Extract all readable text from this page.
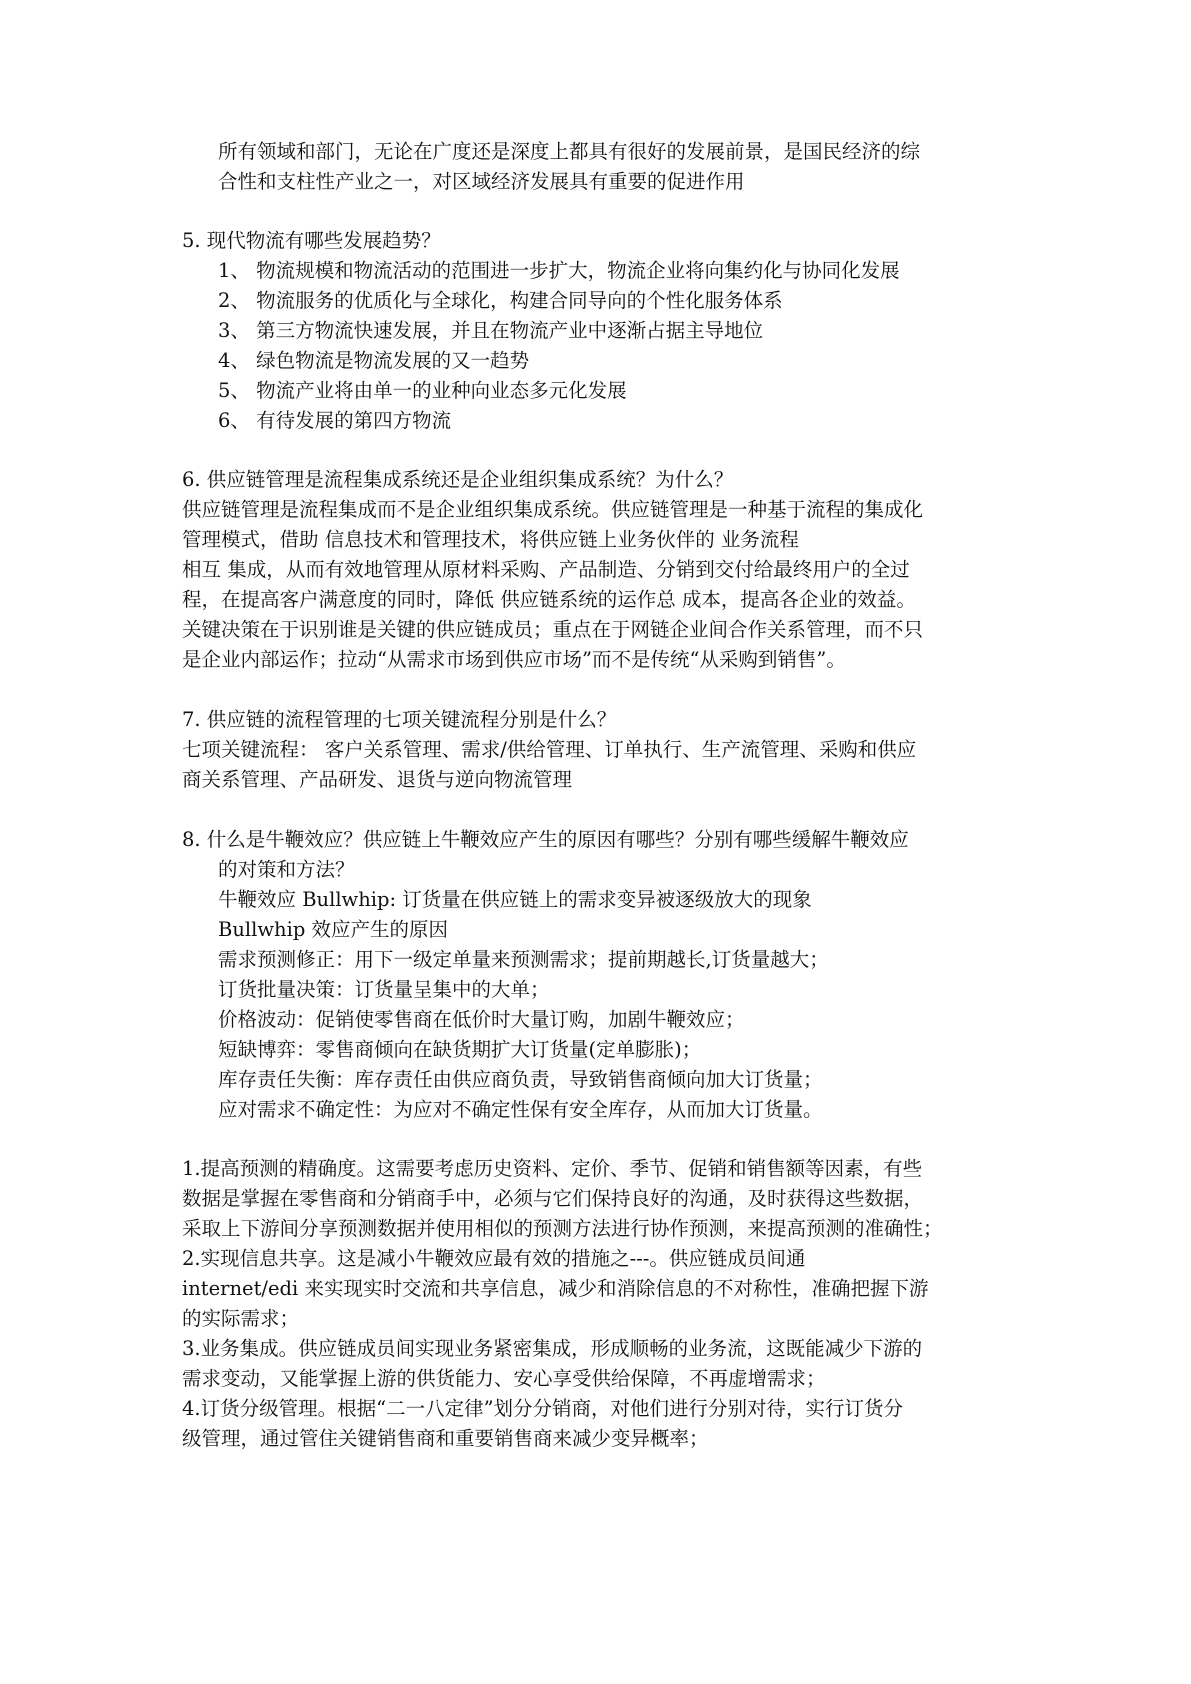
所有领域和部门，无论在广度还是深度上都具有很好的发展前景，是国民经济的综
合性和支柱性产业之一，对区域经济发展具有重要的促进作用
5. 现代物流有哪些发展趋势？
1、 物流规模和物流活动的范围进一步扩大，物流企业将向集约化与协同化发展
2、 物流服务的优质化与全球化，构建合同导向的个性化服务体系
3、 第三方物流快速发展，并且在物流产业中逐渐占据主导地位
4、 绿色物流是物流发展的又一趋势
5、 物流产业将由单一的业种向业态多元化发展
6、 有待发展的第四方物流
6. 供应链管理是流程集成系统还是企业组织集成系统？为什么？
供应链管理是流程集成而不是企业组织集成系统。供应链管理是一种基于流程的集成化
管理模式，借助 信息技术和管理技术，将供应链上业务伙伴的 业务流程
相互 集成，从而有效地管理从原材料采购、产品制造、分销到交付给最终用户的全过
程，在提高客户满意度的同时，降低 供应链系统的运作总 成本，提高各企业的效益。
关键决策在于识别谁是关键的供应链成员；重点在于网链企业间合作关系管理，而不只
是企业内部运作；拉动“从需求市场到供应市场”而不是传统“从采购到销售”。
7. 供应链的流程管理的七项关键流程分别是什么？
七项关键流程： 客户关系管理、需求/供给管理、订单执行、生产流管理、采购和供应
商关系管理、产品研发、退货与逆向物流管理
8. 什么是牛鞭效应？供应链上牛鞭效应产生的原因有哪些？分别有哪些缓解牛鞭效应
的对策和方法？
牛鞭效应 Bullwhip: 订货量在供应链上的需求变异被逐级放大的现象
Bullwhip 效应产生的原因
需求预测修正：用下一级定单量来预测需求；提前期越长,订货量越大；
订货批量决策：订货量呈集中的大单；
价格波动：促销使零售商在低价时大量订购，加剧牛鞭效应；
短缺博弈：零售商倾向在缺货期扩大订货量(定单膨胀)；
库存责任失衡：库存责任由供应商负责，导致销售商倾向加大订货量；
应对需求不确定性：为应对不确定性保有安全库存，从而加大订货量。
1.提高预测的精确度。这需要考虑历史资料、定价、季节、促销和销售额等因素，有些
数据是掌握在零售商和分销商手中，必须与它们保持良好的沟通，及时获得这些数据，
采取上下游间分享预测数据并使用相似的预测方法进行协作预测，来提高预测的准确性；
2.实现信息共享。这是减小牛鞭效应最有效的措施之---。供应链成员间通
internet/edi 来实现实时交流和共享信息，减少和消除信息的不对称性，准确把握下游
的实际需求；
3.业务集成。供应链成员间实现业务紧密集成，形成顺畅的业务流，这既能减少下游的
需求变动，又能掌握上游的供货能力、安心享受供给保障，不再虚增需求；
4.订货分级管理。根据“二一八定律”划分分销商，对他们进行分别对待，实行订货分
级管理，通过管住关键销售商和重要销售商来减少变异概率；
